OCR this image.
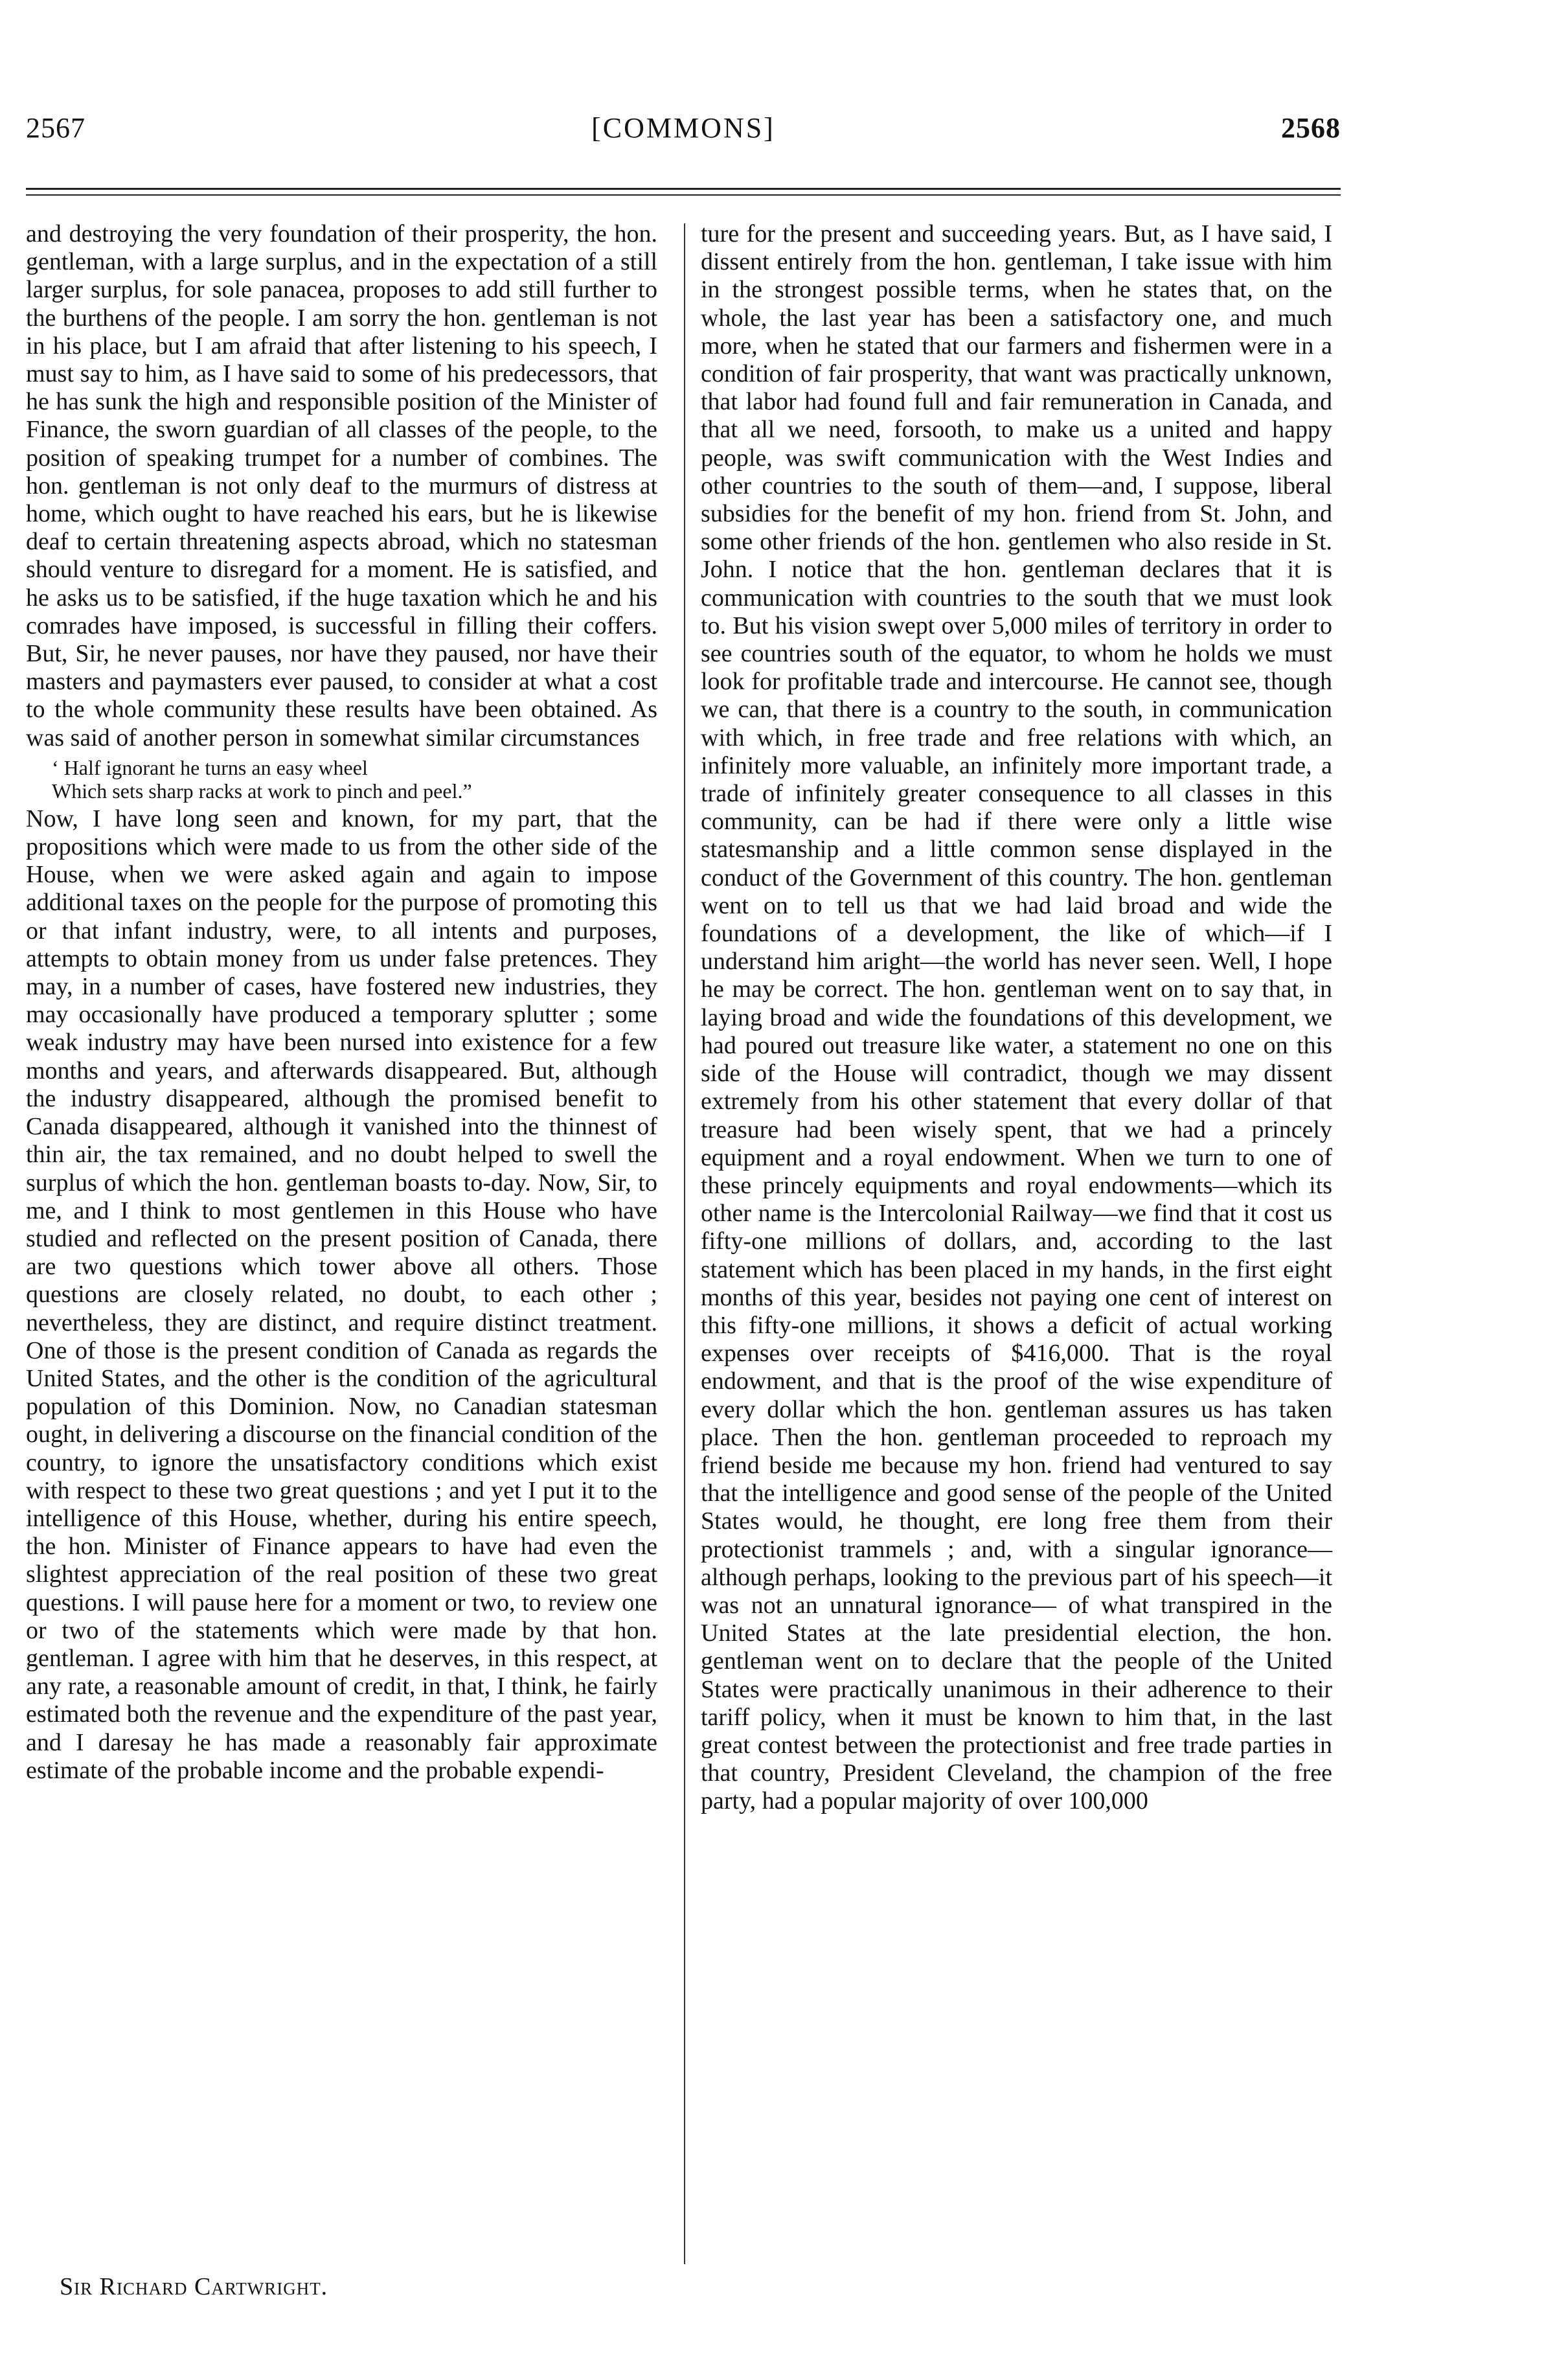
[COMMONS]
2567	2568

and destroying the very foundation of their prosperity, the hon. gentleman, with a large surplus, and in the expectation of a still larger surplus, for sole panacea, proposes to add still further to the burthens of the people. I am sorry the hon. gentleman is not in his place, but I am afraid that after listening to his speech, I must say to him, as I have said to some of his predecessors, that he has sunk the high and responsible position of the Minister of Finance, the sworn guardian of all classes of the people, to the position of speaking trumpet for a number of combines. The hon. gentleman is not only deaf to the murmurs of distress at home, which ought to have reached his ears, but he is likewise deaf to certain threatening aspects abroad, which no statesman should venture to disregard for a moment. He is satisfied, and he asks us to be satisfied, if the huge taxation which he and his comrades have imposed, is successful in filling their coffers. But, Sir, he never pauses, nor have they paused, nor have their masters and paymasters ever paused, to consider at what a cost to the whole community these results have been obtained. As was said of another person in somewhat similar circumstances

‘ Half ignorant he turns an easy wheel
Which sets sharp racks at work to pinch and peel.”

Now, I have long seen and known, for my part, that the propositions which were made to us from the other side of the House, when we were asked again and again to impose additional taxes on the people for the purpose of promoting this or that infant industry, were, to all intents and purposes, attempts to obtain money from us under false pretences. They may, in a number of cases, have fostered new industries, they may occasionally have produced a temporary splutter ; some weak industry may have been nursed into existence for a few months and years, and afterwards disappeared. But, although the industry disappeared, although the promised benefit to Canada disappeared, although it vanished into the thinnest of thin air, the tax remained, and no doubt helped to swell the surplus of which the hon. gentleman boasts to-day. Now, Sir, to me, and I think to most gentlemen in this House who have studied and reflected on the present position of Canada, there are two questions which tower above all others. Those questions are closely related, no doubt, to each other ; nevertheless, they are distinct, and require distinct treatment. One of those is the present condition of Canada as regards the United States, and the other is the condition of the agricultural population of this Dominion. Now, no Canadian statesman ought, in delivering a discourse on the financial condition of the country, to ignore the unsatisfactory conditions which exist with respect to these two great questions ; and yet I put it to the intelligence of this House, whether, during his entire speech, the hon. Minister of Finance appears to have had even the slightest appreciation of the real position of these two great questions. I will pause here for a moment or two, to review one or two of the statements which were made by that hon. gentleman. I agree with him that he deserves, in this respect, at any rate, a reasonable amount of credit, in that, I think, he fairly estimated both the revenue and the expenditure of the past year, and I daresay he has made a reasonably fair approximate estimate of the probable income and the probable expendi-

ture for the present and succeeding years. But, as I have said, I dissent entirely from the hon. gentleman, I take issue with him in the strongest possible terms, when he states that, on the whole, the last year has been a satisfactory one, and much more, when he stated that our farmers and fishermen were in a condition of fair prosperity, that want was practically unknown, that labor had found full and fair remuneration in Canada, and that all we need, forsooth, to make us a united and happy people, was swift communication with the West Indies and other countries to the south of them—and, I suppose, liberal subsidies for the benefit of my hon. friend from St. John, and some other friends of the hon. gentlemen who also reside in St. John. I notice that the hon. gentleman declares that it is communication with countries to the south that we must look to. But his vision swept over 5,000 miles of territory in order to see countries south of the equator, to whom he holds we must look for profitable trade and intercourse. He cannot see, though we can, that there is a country to the south, in communication with which, in free trade and free relations with which, an infinitely more valuable, an infinitely more important trade, a trade of infinitely greater consequence to all classes in this community, can be had if there were only a little wise statesmanship and a little common sense displayed in the conduct of the Government of this country. The hon. gentleman went on to tell us that we had laid broad and wide the foundations of a development, the like of which—if I understand him aright—the world has never seen. Well, I hope he may be correct. The hon. gentleman went on to say that, in laying broad and wide the foundations of this development, we had poured out treasure like water, a statement no one on this side of the House will contradict, though we may dissent extremely from his other statement that every dollar of that treasure had been wisely spent, that we had a princely equipment and a royal endowment. When we turn to one of these princely equipments and royal endowments—which its other name is the Intercolonial Railway—we find that it cost us fifty-one millions of dollars, and, according to the last statement which has been placed in my hands, in the first eight months of this year, besides not paying one cent of interest on this fifty-one millions, it shows a deficit of actual working expenses over receipts of $416,000. That is the royal endowment, and that is the proof of the wise expenditure of every dollar which the hon. gentleman assures us has taken place. Then the hon. gentleman proceeded to reproach my friend beside me because my hon. friend had ventured to say that the intelligence and good sense of the people of the United States would, he thought, ere long free them from their protectionist trammels ; and, with a singular ignorance—although perhaps, looking to the previous part of his speech—it was not an unnatural ignorance— of what transpired in the United States at the late presidential election, the hon. gentleman went on to declare that the people of the United States were practically unanimous in their adherence to their tariff policy, when it must be known to him that, in the last great contest between the protectionist and free trade parties in that country, President Cleveland, the champion of the free party, had a popular majority of over 100,000

Sir Richard Cartwright.
